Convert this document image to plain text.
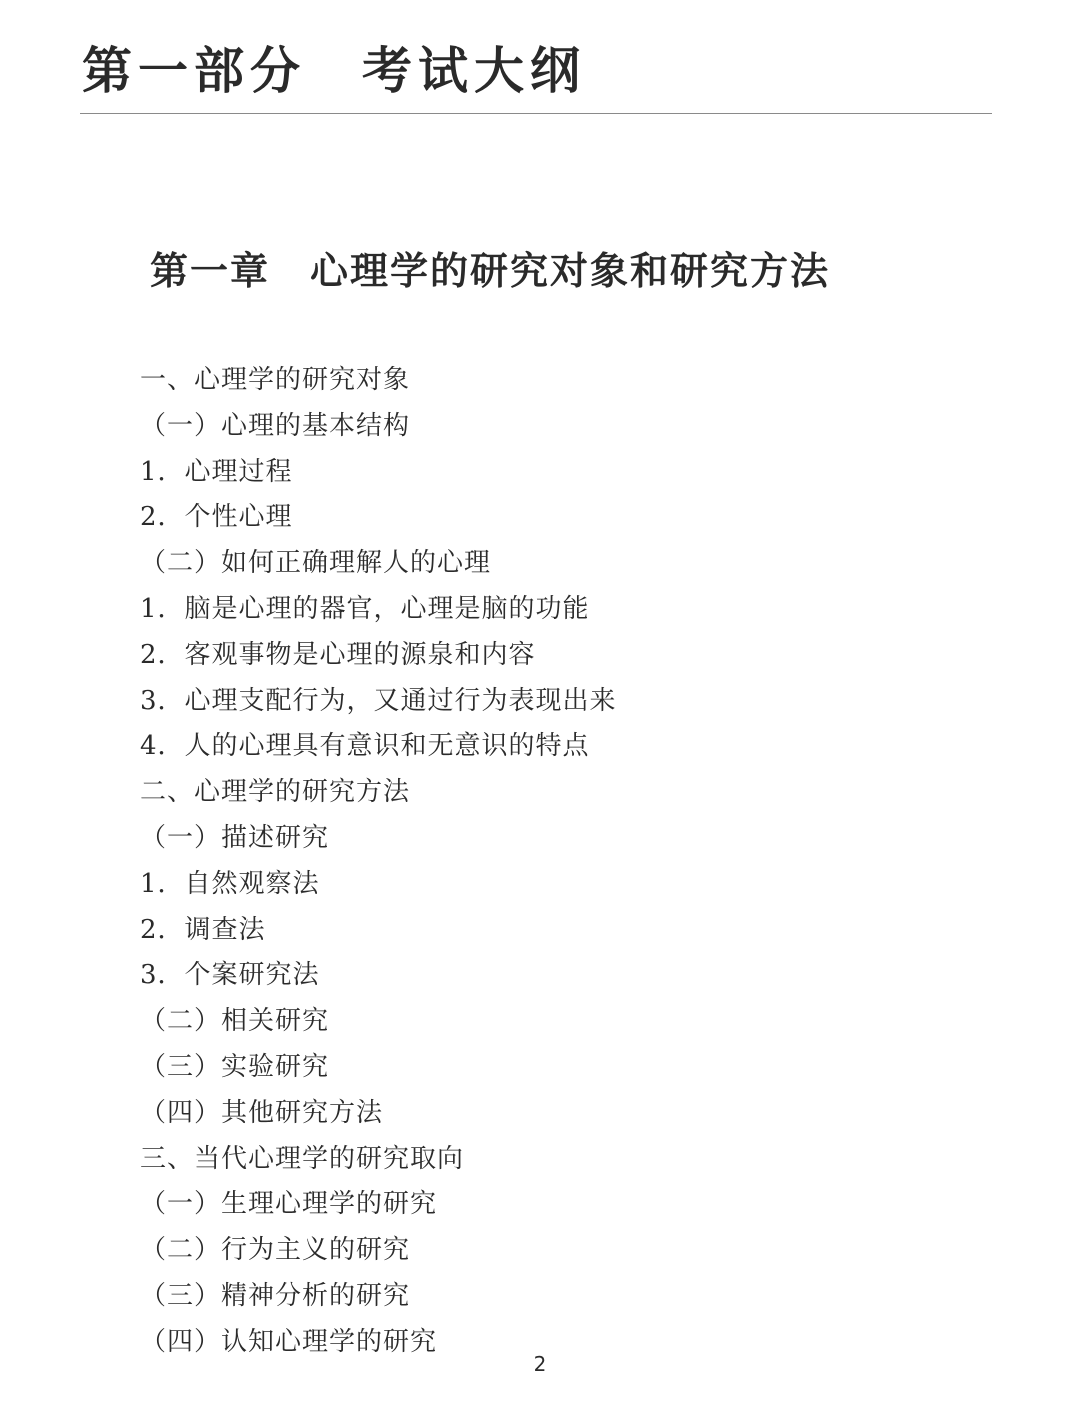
第一部分　考试大纲
第一章　心理学的研究对象和研究方法
一、心理学的研究对象
（一）心理的基本结构
1．心理过程
2．个性心理
（二）如何正确理解人的心理
1．脑是心理的器官，心理是脑的功能
2．客观事物是心理的源泉和内容
3．心理支配行为，又通过行为表现出来
4．人的心理具有意识和无意识的特点
二、心理学的研究方法
（一）描述研究
1．自然观察法
2．调查法
3．个案研究法
（二）相关研究
（三）实验研究
（四）其他研究方法
三、当代心理学的研究取向
（一）生理心理学的研究
（二）行为主义的研究
（三）精神分析的研究
（四）认知心理学的研究
2
